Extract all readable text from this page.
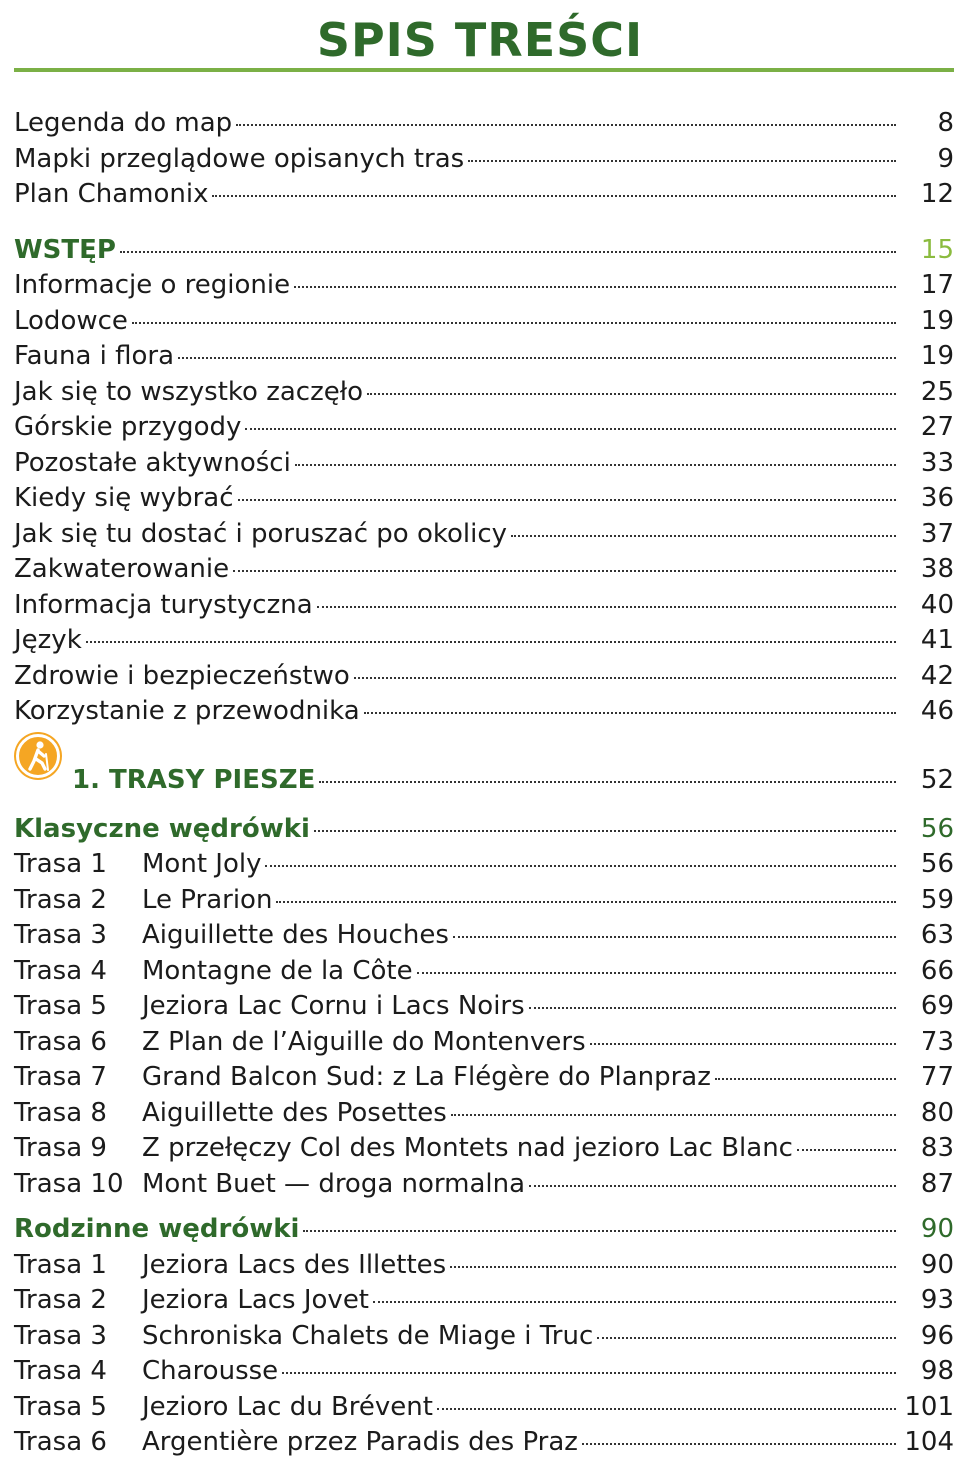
SPIS TREŚCI
Legenda do map	8
Mapki przeglądowe opisanych tras	9
Plan Chamonix	12
WSTĘP	15
Informacje o regionie	17
Lodowce	19
Fauna i flora	19
Jak się to wszystko zaczęło	25
Górskie przygody	27
Pozostałe aktywności	33
Kiedy się wybrać	36
Jak się tu dostać i poruszać po okolicy	37
Zakwaterowanie	38
Informacja turystyczna	40
Język	41
Zdrowie i bezpieczeństwo	42
Korzystanie z przewodnika	46
1. TRASY PIESZE	52
Klasyczne wędrówki	56
Trasa 1	Mont Joly	56
Trasa 2	Le Prarion	59
Trasa 3	Aiguillette des Houches	63
Trasa 4	Montagne de la Côte	66
Trasa 5	Jeziora Lac Cornu i Lacs Noirs	69
Trasa 6	Z Plan de l’Aiguille do Montenvers	73
Trasa 7	Grand Balcon Sud: z La Flégère do Planpraz	77
Trasa 8	Aiguillette des Posettes	80
Trasa 9	Z przełęczy Col des Montets nad jezioro Lac Blanc	83
Trasa 10 Mont Buet — droga normalna	87
Rodzinne wędrówki	90
Trasa 1	Jeziora Lacs des Illettes	90
Trasa 2	Jeziora Lacs Jovet	93
Trasa 3	Schroniska Chalets de Miage i Truc	96
Trasa 4	Charousse	98
Trasa 5	Jezioro Lac du Brévent	101
Trasa 6	Argentière przez Paradis des Praz	104
